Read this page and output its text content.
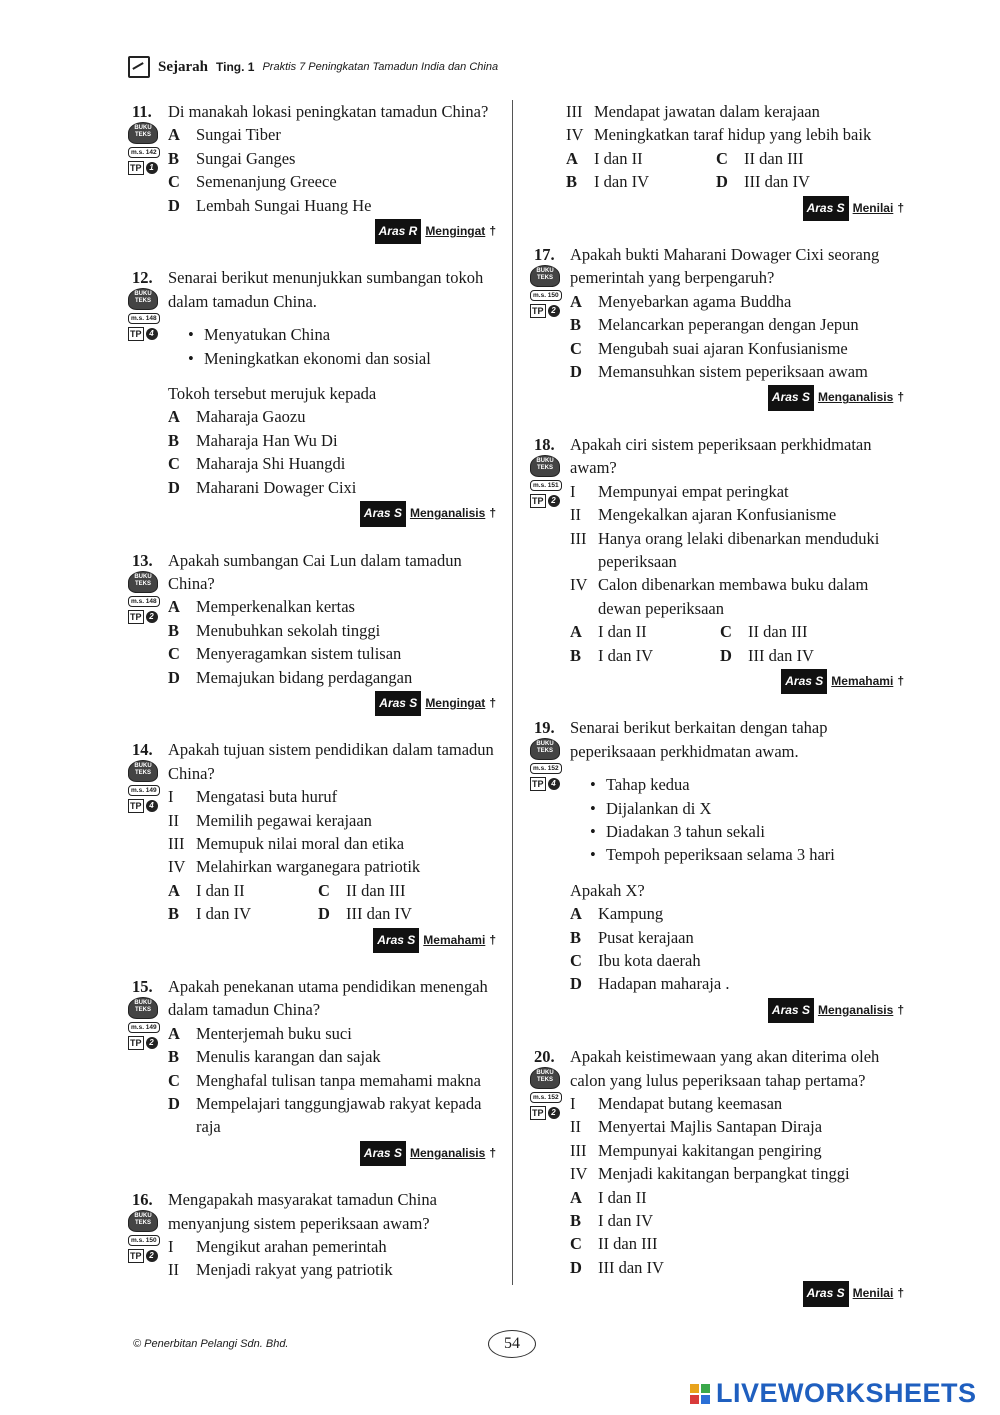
Sejarah Ting. 1 Praktis 7 Peningkatan Tamadun India dan China
11. Di manakah lokasi peningkatan tamadun China?
BUKU TEKS
m.s. 142
TP 1
A Sungai Tiber
B	Sungai Ganges
C Semenanjung Greece
D Lembah Sungai Huang He
Aras R Mengingat †
12. Senarai berikut menunjukkan sumbangan tokoh dalam tamadun China.
BUKU TEKS
m.s. 148
TP 4	• Menyatukan China
• Meningkatkan ekonomi dan sosial
Tokoh tersebut merujuk kepada
A Maharaja Gaozu
B	Maharaja Han Wu Di
C Maharaja Shi Huangdi
D Maharani Dowager Cixi
Aras S Menganalisis †
13. Apakah sumbangan Cai Lun dalam tamadun China?
BUKU TEKS
m.s. 148
TP 2 A Memperkenalkan kertas
B	Menubuhkan sekolah tinggi
C Menyeragamkan sistem tulisan
D Memajukan bidang perdagangan
Aras S Mengingat †
14. Apakah tujuan sistem pendidikan dalam tamadun China?
BUKU TEKS
m.s. 149
TP 4 I	Mengatasi buta huruf
II	Memilih pegawai kerajaan
III Memupuk nilai moral dan etika
IV Melahirkan warganegara patriotik
A I dan II	C II dan III
B	I dan IV	D III dan IV
Aras S Memahami †
15. Apakah penekanan utama pendidikan menengah dalam tamadun China?
BUKU TEKS
m.s. 149
TP 2 A Menterjemah buku suci
B	Menulis karangan dan sajak
C Menghafal tulisan tanpa memahami makna
D Mempelajari tanggungjawab rakyat kepada raja
Aras S Menganalisis †
16. Mengapakah masyarakat tamadun China menyanjung sistem peperiksaan awam?
BUKU TEKS
m.s. 150
TP 2 I	Mengikut arahan pemerintah
II	Menjadi rakyat yang patriotik
III Mendapat jawatan dalam kerajaan
IV Meningkatkan taraf hidup yang lebih baik
A I dan II	C II dan III
B	I dan IV	D III dan IV
Aras S Menilai †
17. Apakah bukti Maharani Dowager Cixi seorang pemerintah yang berpengaruh?
BUKU TEKS
m.s. 150
TP 2 A Menyebarkan agama Buddha
B	Melancarkan peperangan dengan Jepun
C Mengubah suai ajaran Konfusianisme
D Memansuhkan sistem peperiksaan awam
Aras S Menganalisis †
18. Apakah ciri sistem peperiksaan perkhidmatan awam?
BUKU TEKS
m.s. 151
TP 2 I	Mempunyai empat peringkat
II	Mengekalkan ajaran Konfusianisme
III Hanya orang lelaki dibenarkan menduduki peperiksaan
IV Calon dibenarkan membawa buku dalam dewan peperiksaan
A I dan II	C II dan III
B	I dan IV	D III dan IV
Aras S Memahami †
19. Senarai berikut berkaitan dengan tahap peperiksaaan perkhidmatan awam.
BUKU TEKS
m.s. 152
TP 4	• Tahap kedua
• Dijalankan di X
• Diadakan 3 tahun sekali
• Tempoh peperiksaan selama 3 hari
Apakah X?
A Kampung
B	Pusat kerajaan
C Ibu kota daerah
D Hadapan maharaja .
Aras S Menganalisis †
20. Apakah keistimewaan yang akan diterima oleh calon yang lulus peperiksaan tahap pertama?
BUKU TEKS
m.s. 152
TP 2 I	Mendapat butang keemasan
II	Menyertai Majlis Santapan Diraja
III Mempunyai kakitangan pengiring
IV Menjadi kakitangan berpangkat tinggi
A I dan II
B	I dan IV
C II dan III
D III dan IV
Aras S Menilai †
© Penerbitan Pelangi Sdn. Bhd.	54
LIVEWORKSHEETS
